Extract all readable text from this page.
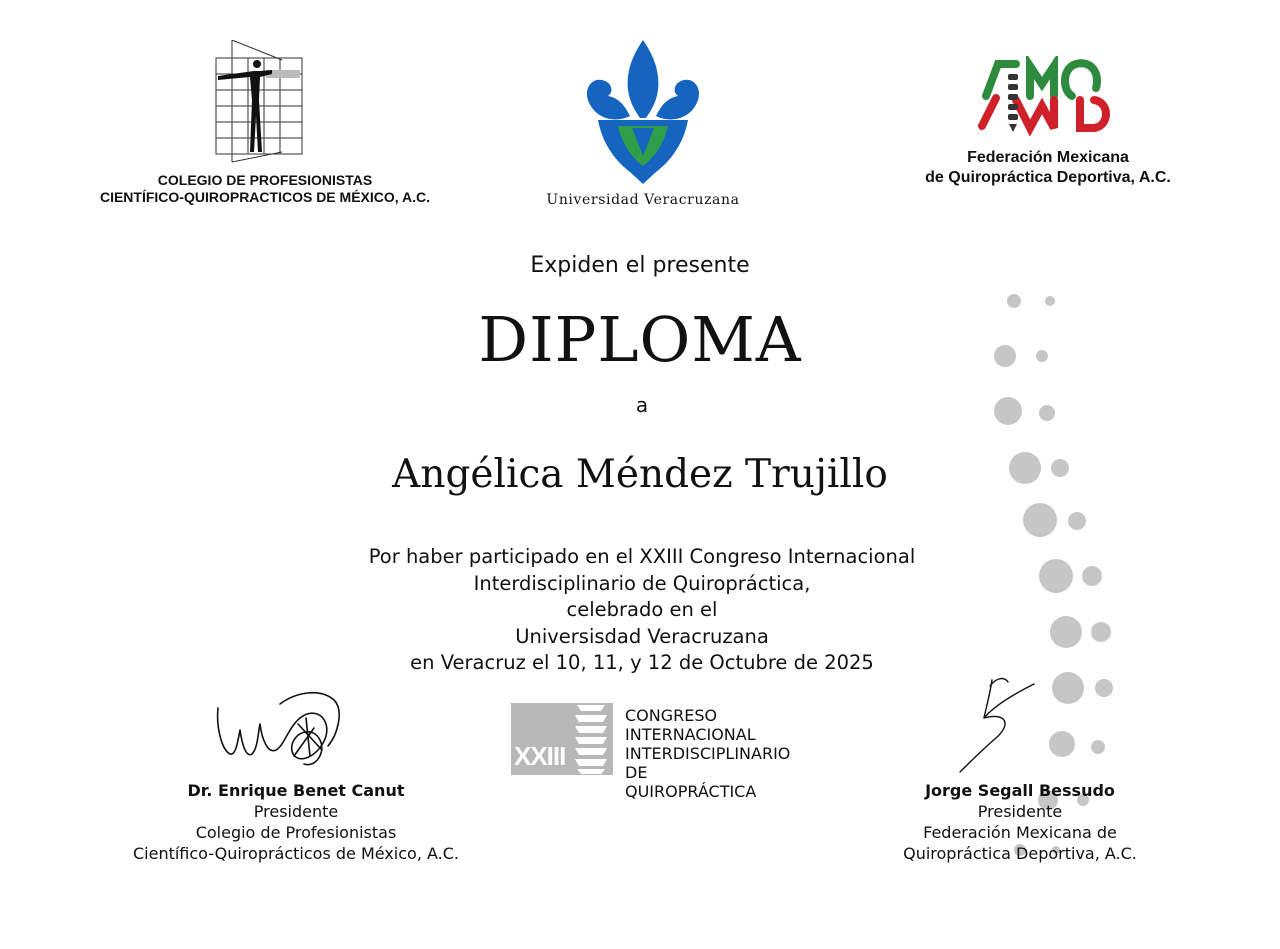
COLEGIO DE PROFESIONISTAS
CIENTÍFICO-QUIROPRACTICOS DE MÉXICO, A.C.	Universidad Veracruzana
Federación Mexicana
de Quiropráctica Deportiva, A.C.
Expiden el presente
DIPLOMA
a
Angélica Méndez Trujillo
Por haber participado en el XXIII Congreso Internacional
Interdisciplinario de Quiropráctica,
celebrado en el
Universisdad Veracruzana
en Veracruz el 10, 11, y 12 de Octubre de 2025
XXIII
CONGRESO
INTERNACIONAL
INTERDISCIPLINARIO DE
QUIROPRÁCTICA
Dr. Enrique Benet Canut
Presidente
Colegio de Profesionistas
Científico-Quiroprácticos de México, A.C.
Jorge Segall Bessudo
Presidente
Federación Mexicana de
Quiropráctica Deportiva, A.C.
